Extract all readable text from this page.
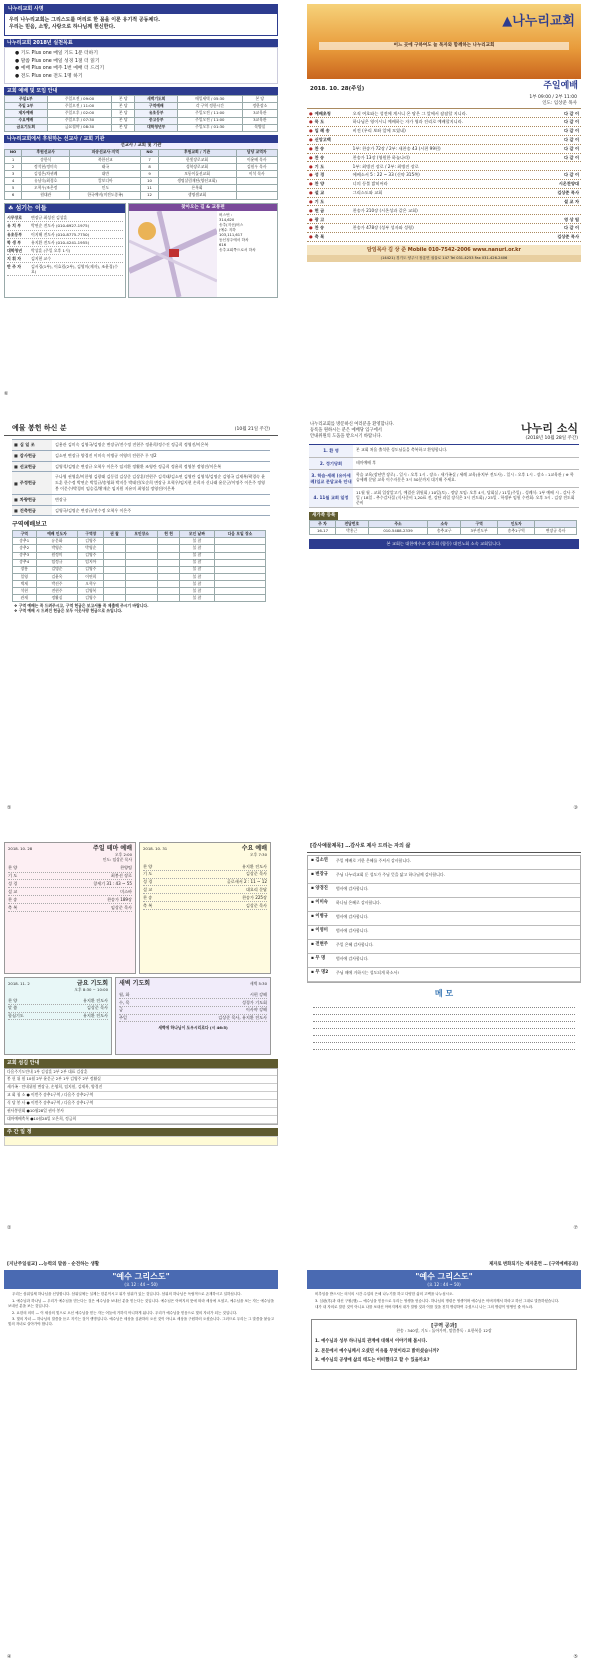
나누리교회 사명
우리 나누리교회는 그리스도를 머리로 한 몸을 이룬 유기적 공동체다.
우리는 믿음, 소망, 사랑으로 하나님께 헌신한다.
나누리교회 2018년 실천목표
● 기도 Plus one 매일 기도 1분 더하기
● 말씀 Plus one 매일 성경 1절 더 읽기
● 예배 Plus one 매주 1번 예배 더 드리기
● 전도 Plus one 전도 1명 하기
교회 예배 및 모임 안내
주일1부	주일오전 / 09:00	본 당	새벽기도회	매일새벽 / 05:30	본 당
주일 2부	주일오전 / 11:00	본 당	구역예배	각 구역 정한시간	정한장소
제자예배	주일오후 / 02:00	본 당	유초등부	주일오전 / 11:00	3교육관
수요예배	주일오후 / 07:30	본 당	중고등부	주일오전 / 11:00	3교육관
금요기도회	금요철야 / 08:30	본 당	대학청년부	주일오후 / 01:30	목양실
나누리교회에서 후원하는 선교사 / 교회 기관
선교사 / 교회 및 기관
NO	후원선교사	파송선교사·지역	NO	후원교회 / 기관	담당 교역자
1	송한식	북한선교	7	한빛장로교회	이윤배 목사
2	정석현/정미숙	태국	8	성북장로교회	김원우 목사
3	김성은/차귀례	대만	9	모퉁이돌선교회	이석 목사
4	유남숙/최경호	캄보디아	10	생명살림재단(양선교회)	
5	오혁우/조은정	인도	11	론복회	
6	원대관	한국예비(미전도종족)	12	생명샘교회	
☘ 섬기는 이들
시무장로	변장규 최성진 김상훈
유 치 부	박연순 전도사 (010-6927-1975)
유초등부	이지해 전도사 (010-8775-7750)
학 생 부	유지환 전도사 (010-4241-1955)
대학청년	박상훈 (주일 오후 1시)
지 휘 자	김지현 교수
반 주 자	김서경(1부), 이효림(2부), 김영미(제자), 조윤경(수요)
찾아오는 길 & 교통편
버스번 :
314,620
송추(지선)버스
(예수 지하
103,111,617
동신청주에서 하차
616
송추교회쪽으로서 하차
⑥
▲나누리교회
어느 곳에 구하여도 늘 목자와 함께하는 나누리교회
2018. 10. 28(주일)	주일예배
1부 09:00 / 2부 11:00
인도: 임상준 목사
● 예배초청	오직 여호와는 성전에 계시니 온 땅은 그 앞에서 잠잠할 지니라.	다 같 이
● 묵 도	하나님은 영이시니 예배하는 자가 영과 진리로 예배할지니라.	다 같 이
● 입 례 송	비전 (우리 보좌 앞에 모였네)	다 같 이
● 신앙고백	다 같 이
● 찬 송	1부: 찬송가 72장 / 2부: 새찬송 43 (시편 99편)	다 같 이
● 찬 송	찬송가 13장 (영원한 하늘나라)	다 같 이
● 기 도	1부: 최병진 장로 / 2부: 최병진 장로
● 성 경	에베소서 5 : 22 ~ 33 (신약 315쪽)	다 같 이
● 찬 양	너의 등불 밝히어라	시온찬양대
● 설 교	그리스도와 교회	김상준 목사
● 기 도	설 교 자
● 헌 금	찬송가 210장 (시온성과 같은 교회)
● 광 고	영 상 팀
● 찬 송	찬송가 478장 (성부 성자와 성령)	다 같 이
● 축 복	김상준 목사
담임목사 김 상 준 Mobile 010-7542-2006 www.nanuri.or.kr
(14421) 경기도 양주시 장흥면 권율로 147 Tel 031-4253 Fax 031-426-2406
예물 봉헌 하신 분	(10월 21일 주간)
■ 십 일 조	김용관 김미숙 김영국/김명순 변장규/전수정 전현주 정윤희/정수진 정금희 정영진/이은복
■ 감사헌금	김소연 변장규 양경진 이미숙 이병규 이영미 전현주 무 명2
■ 선교헌금	김영석/김명순 변장규 오혁우 이은주 임지환 정활환 조영란 정금희 정윤희 정영봉 정영진/이은복
■ 주정헌금
구나영 권영훈/이한영 김광래 김동렬 김상준 김상훈/전현주 김석태/김소연 김영란 김영석/김명순 김영국 김재복/곽경숙 윤도훈 한수정 박연순 박일규/송영화 박지웅 박태진/오순희 변장규 오혁우/임지현 손희자 신나래 윤문군/이명주 이은주 정영봉 이문수/박경미 임승길/황재순 임지원 지유미 최영섭 정영진/이은복
■ 차량헌금	변장규
■ 건축헌금	김영국/김명순 변장규/전수정 오혁우 이은주
구역예배보고
구역	예배 인도자	구역장	권 찰	모인장소	헌 헌	모인 날짜	다음 모일 장소
송추1	유문화	김영주				불 참	
송추2	박영순	박영순				불 참	
송추3	원정미	김영주				불 참	
송추4	임정규	임지아				불 참	
장흥	김명순	김영주				불 참	
일영	김윤옥	이연희				불 참	
벽제	박선주	오혁우				불 참	
석현	전현주	김영복				불 참	
관재	정활실	김영수				불 참	
❖ 구역 예배는 꼭 드려주시고, 구역 헌금은 보고서를 꼭 제출해 주시기 바랍니다.
❖ 구역 예배 시 드려진 헌금은 모두 이웃사랑 헌금으로 쓰입니다.
⑤
나누리교회를 방문하신 여러분을 환영합니다.
등록을 원하시는 분은 예배당 입구에서
안내위원의 도움을 받으시기 바랍니다.
나누리 소식
(2018년 10월 28일 주간)
1. 환 영	본 교회 처음 출석한 성도님들을 축복하고 환영합니다.
2. 정기당회	테마예배 후
3. 학습·세례 (유아세례)입교 문답교육 안내
학습 교육(장년반 장로) - 일시 : 오후 1시 - 장소 : 새가족실 / 세례 교육(유치부 전도사) - 일시 : 오후 1시 - 장소 : 1교육관 / ※ 학습세례 문답 교육 이수자분은 3시 50분까지 대기해 주세요.
4. 11월 교회 일정
11월 월 - 교회 입장알고기, 예결산 위원회 / 10일(토) - 정당 모임: 오후 4시, 당회실 / 11일(주일) - 성례식: 1부 예배 시 - 감사 주일 / 18일 - 추수감사절 (식사준비 1,20표 전, 강단 과일 장식은 3시 전도회) / 25일 - 학생부 임원 수련회: 오후 3시 - 김장 전도회 준비
새가족 등록
주 차	전담번호	주소	소속	구역	인도자	
16-17	박홍근	010-5488-2339	송추교구	3부전도부	송추1구역	변장규 목사
본 교회는 대한예수교 장로회 (합동) 대전노회 소속 교회입니다.
③
2018. 10. 28	주일 테마 예배
오후 2:00
인도: 임상준 목사
찬 양	찬양팀
기 도	최봉선 장로
성 경	창세기 31 : 43 ~ 55
설 교	미스바
찬 송	찬송가 189장
축 복	임상준 목사
2018. 10. 31	수요 예배
오후 7:30
찬 양	유지환 전도사
기 도	김상준 목사
성 경	골로새서 2 : 11 ~ 12
설 교	대요리 문답
찬 송	찬송가 225장
축 복	김상준 목사
2018. 11. 2	금요 기도회
오후 8:30 ~ 10:00
찬 양	유지환 전도사
말 씀	김상준 목사
합심기도	유지환 전도사
새벽 기도회	새벽 5:30
월, 화	시편 강해
수, 목	성경가 기도회
금	이사야 강해
주일	김상준 목사, 유지환 전도사
새벽에 하나님이 도우시리로다 (시 46:5)
교회 섬김 안내
다음주기도안내 1부 김상훈 2부 2부 대표 김상훈
봉 헌 위 원 10월 2부 윤문군 2부 1부 김영주 2부 정활실
새가족 · 안내위원 변장규, 손영희, 임지원, 김재복, 양경진
교 회 청 소 ● 이번주 송추1구역 / 다음주 송추2구역
식 당 봉 사 ● 이번주 송추4구역 / 다음주 송추1구역
권사봉헌회 ●10월28일 권사 봉사
대마예배축복 ●10월28일 오은희, 정금희
주 간 일 정
②
[감사예물제목] …감사로 제사 드리는 자의 삶
▪ 김소연	주일 예배로 거한 은혜를 주셔서 감사합니다.
▪ 변장규	주님 나누리교회 둔 성도가 주님 뜻을 닮고 하나님께 감사합니다.
▪ 양경진	범사에 감사합니다.
▪ 이미숙	하나님 은혜로 감사합니다.
▪ 이병규	범사에 감사합니다.
▪ 이영미	범사에 감사합니다.
▪ 전현주	주일 은혜 감사합니다.
▪ 무 명	범사에 감사합니다.
▪ 무 명2	주님 때에 거하시는 성도되게 하소서!
메 모
⑦
[지난주일설교] …능력의 말씀 · 순전하는 생활
"예수 그리스도"
(요 12 : 44 ~ 50)

우리는 삼위일체 하나님을 신앙합니다. 삼위일체는 실제는 한분이시고 위가 삼위가 있는 것입니다. 삼위의 하나님은 독립적으로 존재하시고 일하십니다.

1. 예수님과 하나님 — 우리가 예수님을 믿는다는 것은 예수님을 보내신 분을 믿는다는 것입니다. 예수님은 아버지의 뜻에 따라 세상에 오셨고, 예수님을 보는 자는 예수님을 보내신 분을 보는 것입니다.

2. 요한의 의미 — 이 세상의 빛으로 오신 예수님을 믿는 자는 어둠에 거하지 아니하게 됩니다. 우리가 예수님을 믿음으로 빛의 자녀가 되는 것입니다.

3. 빛의 자녀 — 하나님의 말씀을 듣고 지키는 것이 생명입니다. 예수님은 세상을 심판하러 오신 것이 아니요 세상을 구원하러 오셨습니다. 그러므로 우리는 그 말씀을 붙들고 빛의 자녀로 살아가야 합니다.

④
제자로 변화되기는 제자훈련 … [구역예배공과]
"예수 그리스도"
(요 12 : 44 ~ 50)

비추임을 받으시는 의식의 시간 수업의 은혜 나누기를 하고 다양한 삶의 고백을 나누십시오.

3. 심판(후)과 대신 구원(행) — 예수님을 믿음으로 우리는 영생을 얻습니다. 하나님의 명령은 영생이며 예수님은 아버지께서 하라고 하신 그대로 말씀하셨습니다.

내가 내 자의로 말한 것이 아니요 나를 보내신 아버지께서 내가 말할 것과 이를 것을 친히 명령하여 주셨으니 나는 그의 명령이 영생인 줄 아노라.

[구역 공과]
찬송 : 340장, 기도 : 돌아가며, 말씀봉독 : 요한복음 12장
1. 예수님과 성부 하나님의 관계에 대해서 이야기해 봅시다.
2. 본문에서 예수님께서 오셨던 이유를 무엇이라고 밝히셨습니까?
3. 예수님의 공생애 삶의 태도는 어떠했다고 할 수 있을까요?
⑤
